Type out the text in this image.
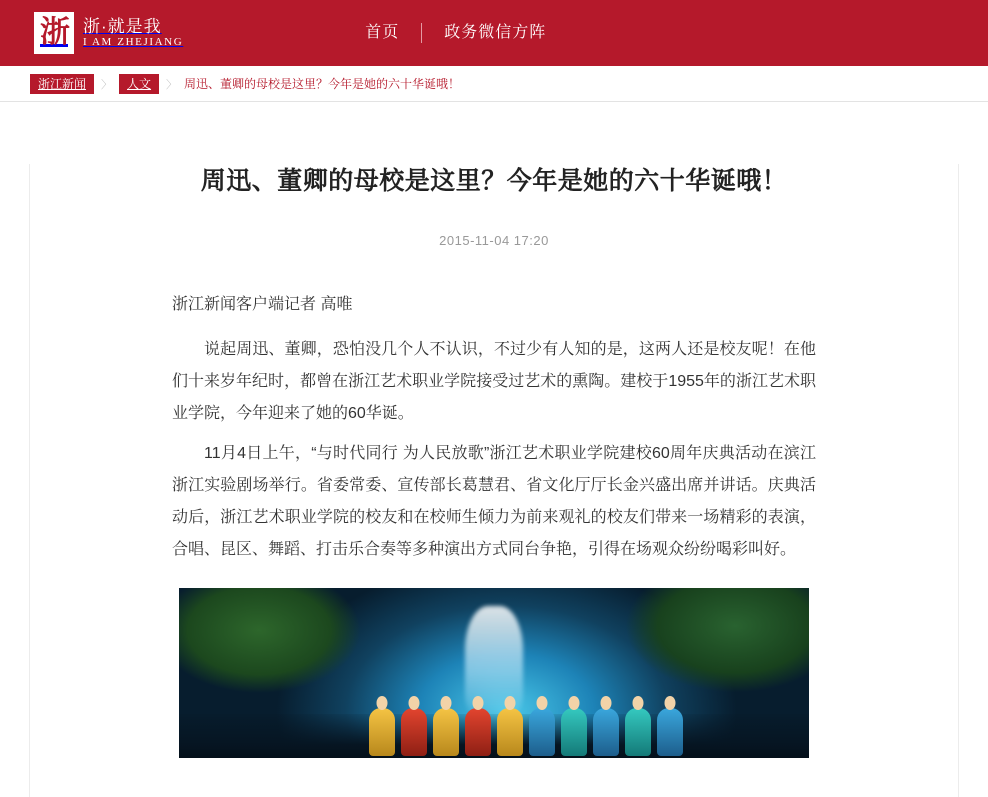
浙 浙·就是我
I AM ZHEJIANG
首页	政务微信方阵
浙江新闻	〉	人文	〉 周迅、董卿的母校是这里？今年是她的六十华诞哦！
周迅、董卿的母校是这里？今年是她的六十华诞哦！
2015-11-04 17:20

浙江新闻客户端记者 高唯

说起周迅、董卿，恐怕没几个人不认识，不过少有人知的是，这两人还是校友呢！在他们十来岁年纪时，都曾在浙江艺术职业学院接受过艺术的熏陶。建校于1955年的浙江艺术职业学院，今年迎来了她的60华诞。

11月4日上午，“与时代同行 为人民放歌”浙江艺术职业学院建校60周年庆典活动在滨江浙江实验剧场举行。省委常委、宣传部长葛慧君、省文化厅厅长金兴盛出席并讲话。庆典活动后，浙江艺术职业学院的校友和在校师生倾力为前来观礼的校友们带来一场精彩的表演，合唱、昆区、舞蹈、打击乐合奏等多种演出方式同台争艳，引得在场观众纷纷喝彩叫好。
